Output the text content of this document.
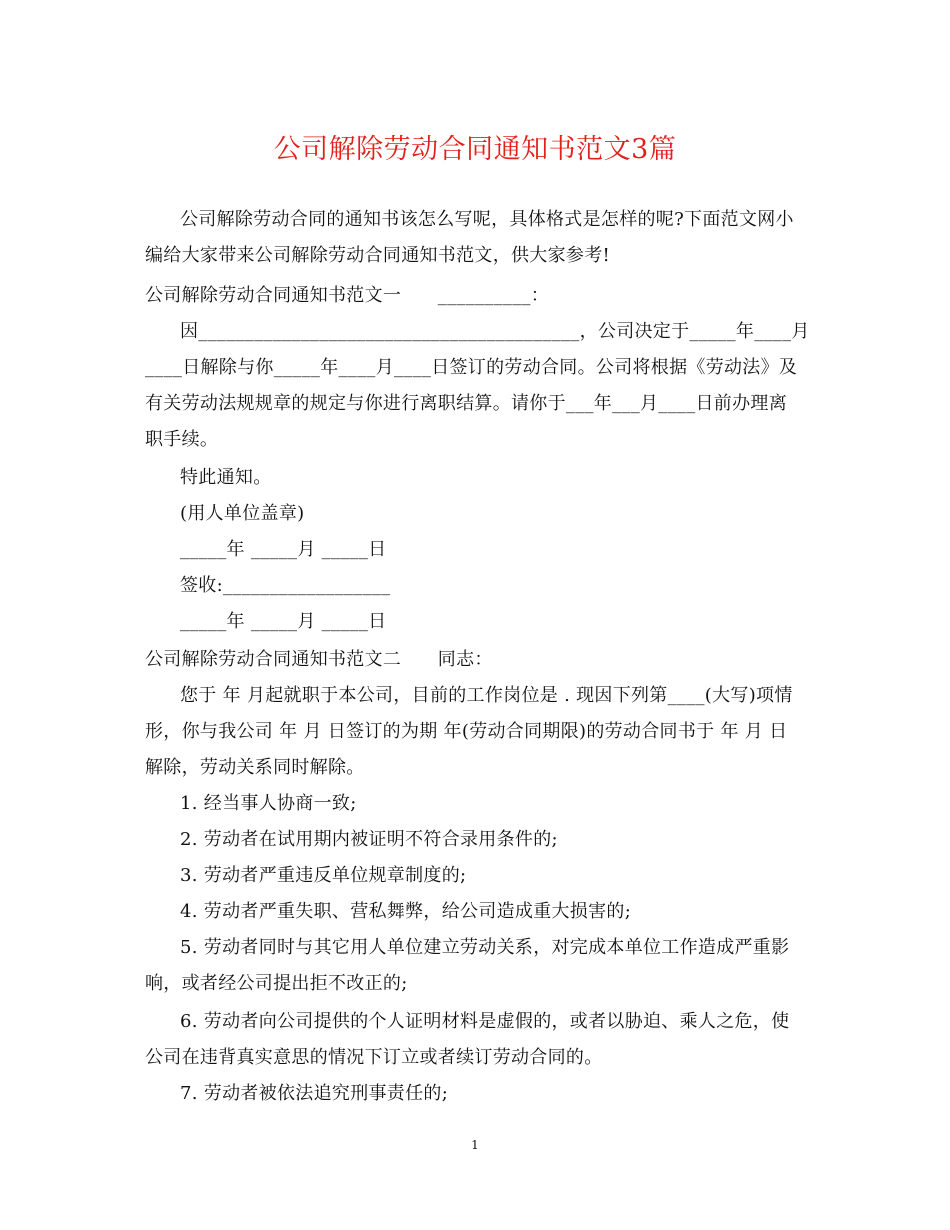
公司解除劳动合同通知书范文3篇
公司解除劳动合同的通知书该怎么写呢，具体格式是怎样的呢?下面范文网小
编给大家带来公司解除劳动合同通知书范文，供大家参考!
公司解除劳动合同通知书范文一　　__________：
因_________________________________________，公司决定于_____年____月
____日解除与你_____年____月____日签订的劳动合同。公司将根据《劳动法》及
有关劳动法规规章的规定与你进行离职结算。请你于___年___月____日前办理离
职手续。
特此通知。
(用人单位盖章)
_____年 _____月 _____日
签收:__________________
_____年 _____月 _____日
公司解除劳动合同通知书范文二　　同志：
您于 年 月起就职于本公司，目前的工作岗位是 . 现因下列第____(大写)项情
形，你与我公司 年 月 日签订的为期 年(劳动合同期限)的劳动合同书于 年 月 日
解除，劳动关系同时解除。
1. 经当事人协商一致;
2. 劳动者在试用期内被证明不符合录用条件的;
3. 劳动者严重违反单位规章制度的;
4. 劳动者严重失职、营私舞弊，给公司造成重大损害的;
5. 劳动者同时与其它用人单位建立劳动关系，对完成本单位工作造成严重影
响，或者经公司提出拒不改正的;
6. 劳动者向公司提供的个人证明材料是虚假的，或者以胁迫、乘人之危，使
公司在违背真实意思的情况下订立或者续订劳动合同的。
7. 劳动者被依法追究刑事责任的;
1
